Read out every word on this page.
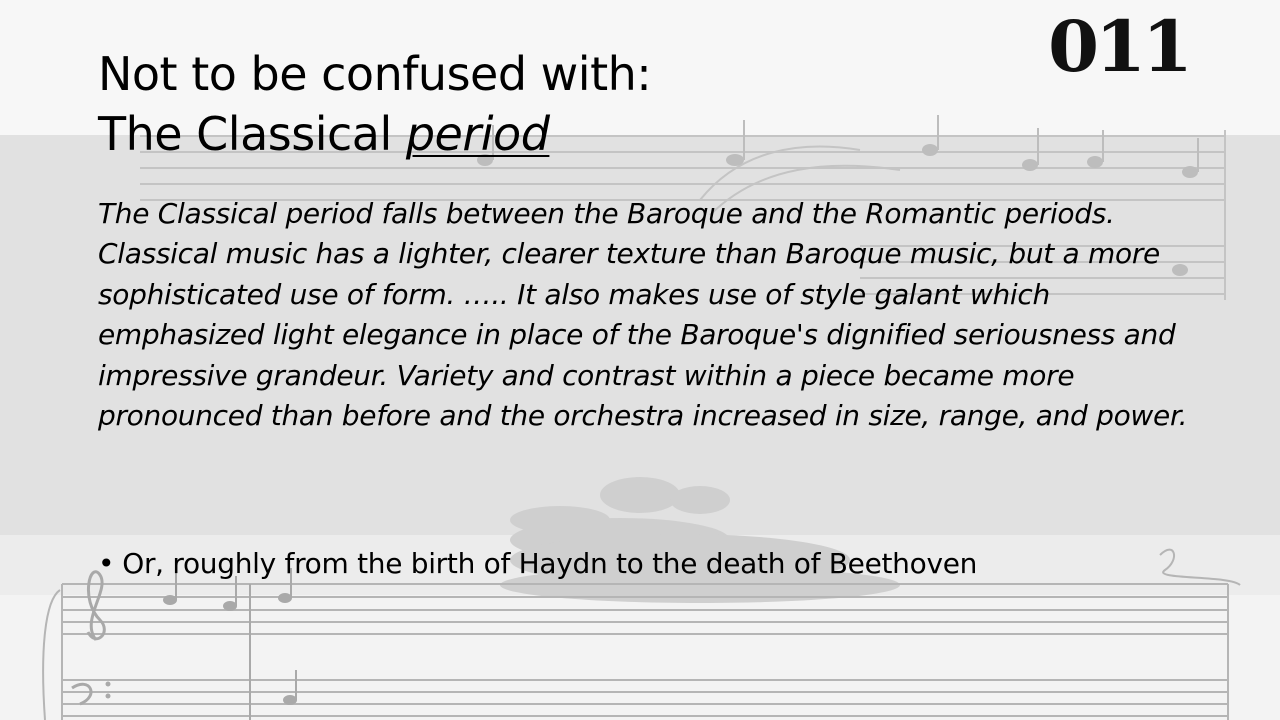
011
Not to be confused with:
The Classical period

The Classical period falls between the Baroque and the Romantic periods. Classical music has a lighter, clearer texture than Baroque music, but a more sophisticated use of form. ….. It also makes use of style galant which emphasized light elegance in place of the Baroque's dignified seriousness and impressive grandeur. Variety and contrast within a piece became more pronounced than before and the orchestra increased in size, range, and power.

• Or, roughly from the birth of Haydn to the death of Beethoven
